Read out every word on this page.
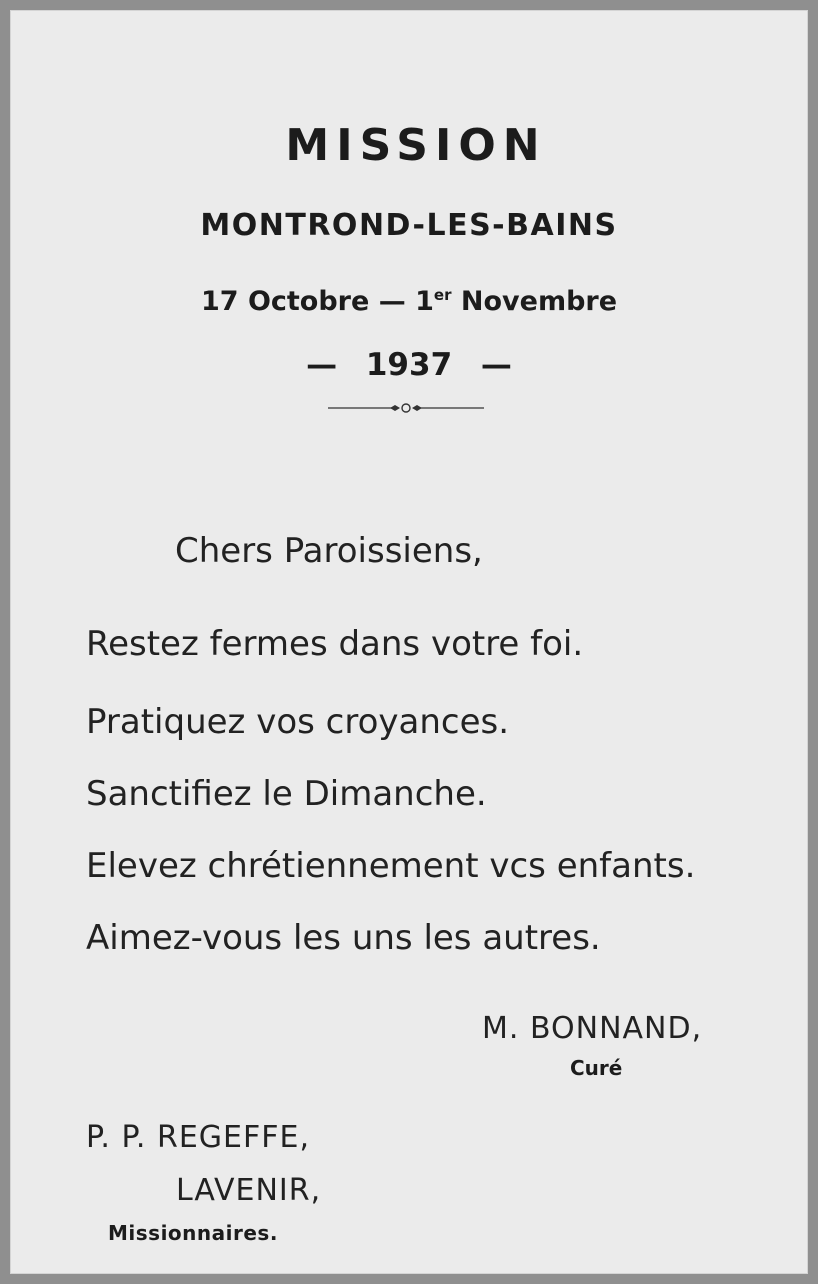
MISSION
MONTROND-LES-BAINS

17 Octobre — 1er Novembre

— 1937 —

Chers Paroissiens,

Restez fermes dans votre foi.

Pratiquez vos croyances.

Sanctifiez le Dimanche.

Elevez chrétiennement vcs enfants.

Aimez-vous les uns les autres.

M. BONNAND,

Curé

P. P. REGEFFE,

LAVENIR,

Missionnaires.
